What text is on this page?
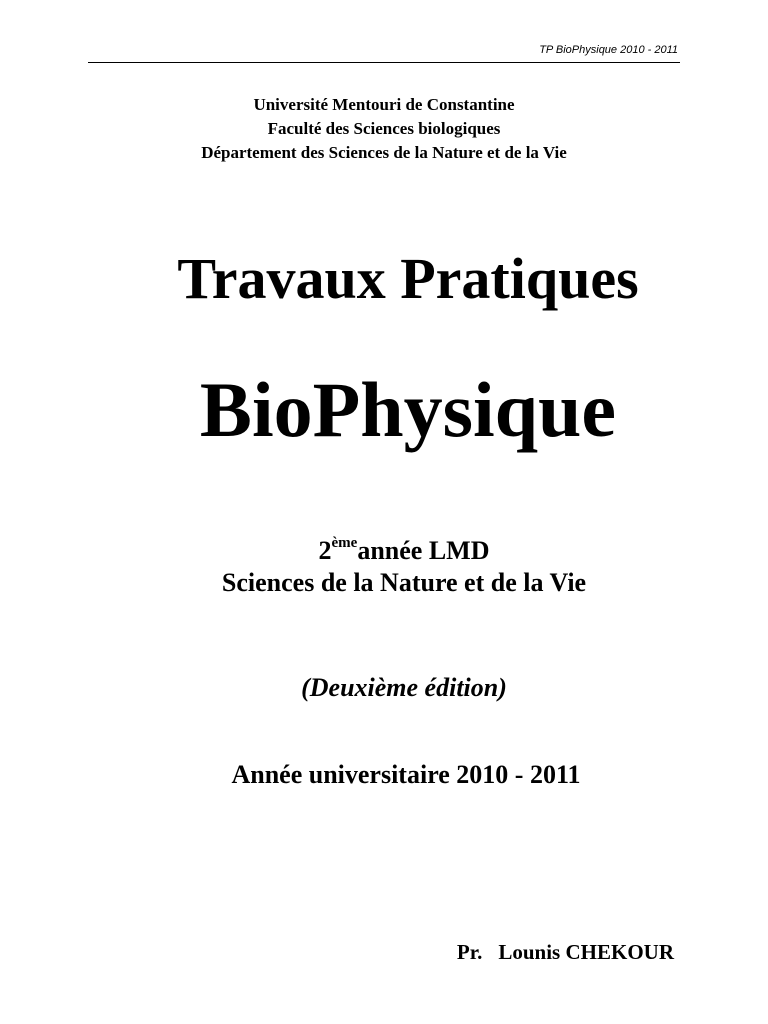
TP BioPhysique 2010 - 2011
Université Mentouri de Constantine
Faculté des Sciences biologiques
Département des Sciences de la Nature et de la Vie
Travaux Pratiques
BioPhysique
2èmeannée LMD
Sciences de la Nature et de la Vie
(Deuxième édition)
Année universitaire 2010 - 2011
Pr. Lounis CHEKOUR
